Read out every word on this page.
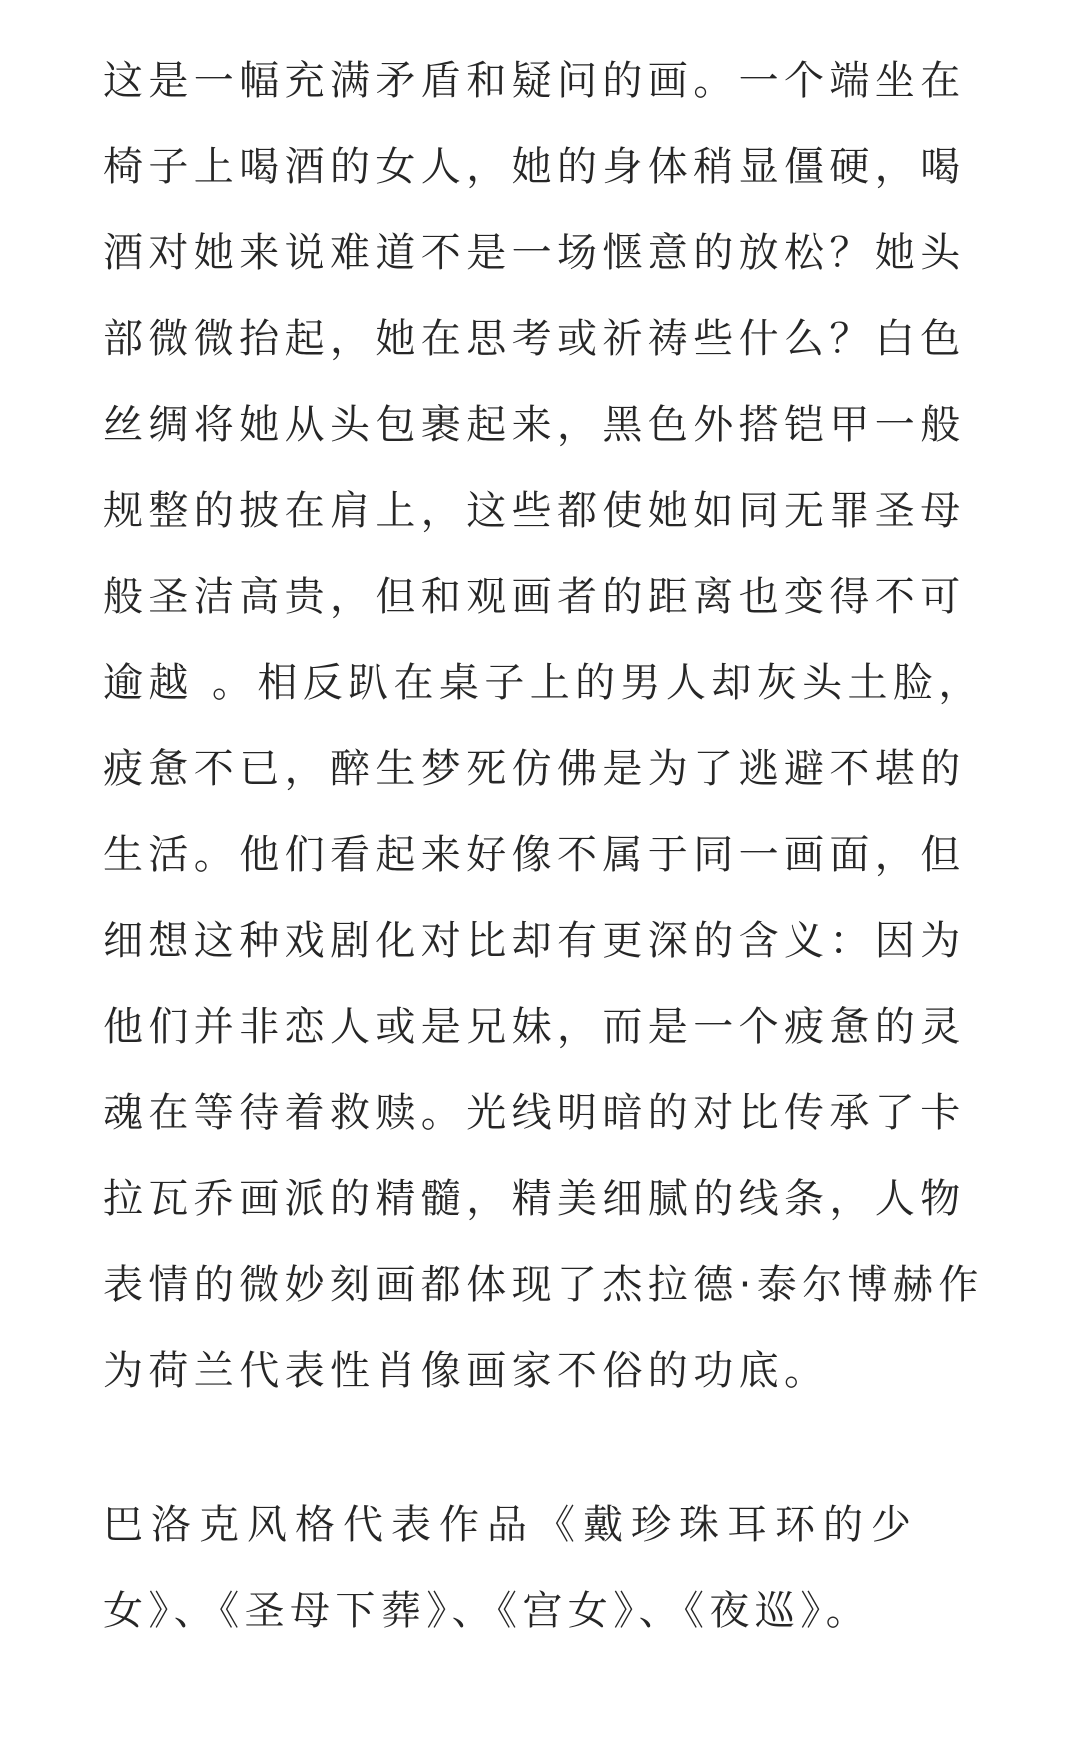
这是一幅充满矛盾和疑问的画。一个端坐在
椅子上喝酒的女人，她的身体稍显僵硬，喝
酒对她来说难道不是一场惬意的放松？她头
部微微抬起，她在思考或祈祷些什么？白色
丝绸将她从头包裹起来，黑色外搭铠甲一般
规整的披在肩上，这些都使她如同无罪圣母
般圣洁高贵，但和观画者的距离也变得不可
逾越 。相反趴在桌子上的男人却灰头土脸，
疲惫不已，醉生梦死仿佛是为了逃避不堪的
生活。他们看起来好像不属于同一画面，但
细想这种戏剧化对比却有更深的含义：因为
他们并非恋人或是兄妹，而是一个疲惫的灵
魂在等待着救赎。光线明暗的对比传承了卡
拉瓦乔画派的精髓，精美细腻的线条，人物
表情的微妙刻画都体现了杰拉德·泰尔博赫作
为荷兰代表性肖像画家不俗的功底。
巴洛克风格代表作品《戴珍珠耳环的少
女》、《圣母下葬》、《宫女》、《夜巡》。
